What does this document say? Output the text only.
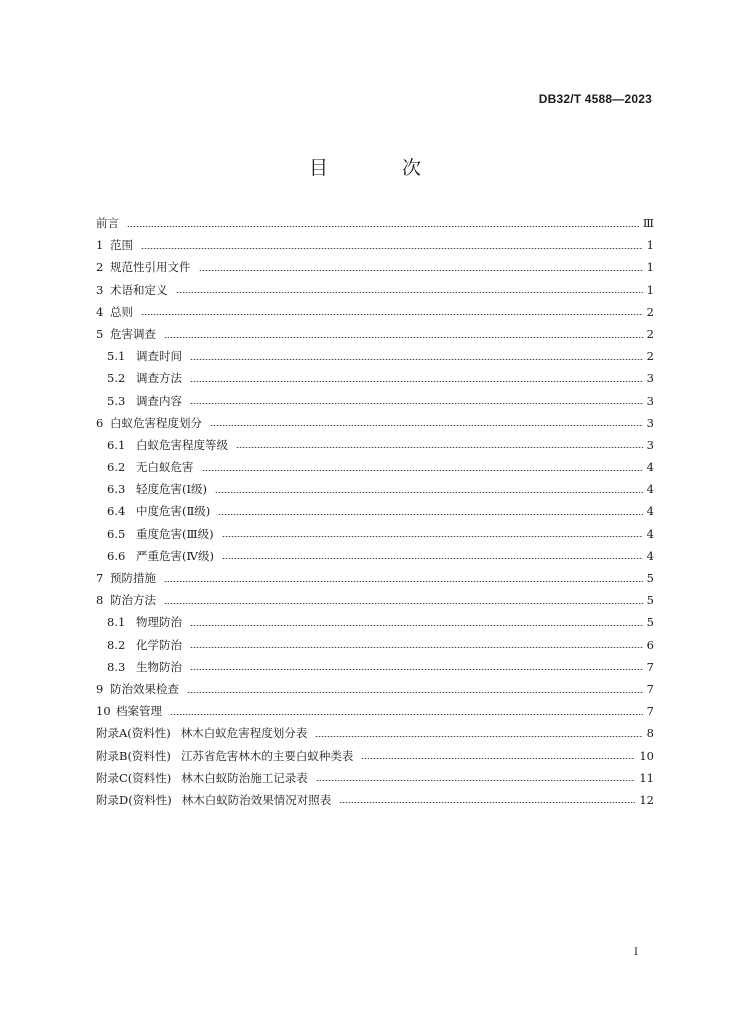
DB32/T 4588—2023
目 次
前言	Ⅲ
1 范围	1
2 规范性引用文件	1
3 术语和定义	1
4 总则	2
5 危害调查	2
5.1 调查时间	2
5.2 调查方法	3
5.3 调查内容	3
6 白蚁危害程度划分	3
6.1 白蚁危害程度等级	3
6.2 无白蚁危害	4
6.3 轻度危害(Ⅰ级)	4
6.4 中度危害(Ⅱ级)	4
6.5 重度危害(Ⅲ级)	4
6.6 严重危害(Ⅳ级)	4
7 预防措施	5
8 防治方法	5
8.1 物理防治	5
8.2 化学防治	6
8.3 生物防治	7
9 防治效果检查	7
10 档案管理	7
附录A(资料性) 林木白蚁危害程度划分表	8
附录B(资料性) 江苏省危害林木的主要白蚁种类表	10
附录C(资料性) 林木白蚁防治施工记录表	11
附录D(资料性) 林木白蚁防治效果情况对照表	12
I
